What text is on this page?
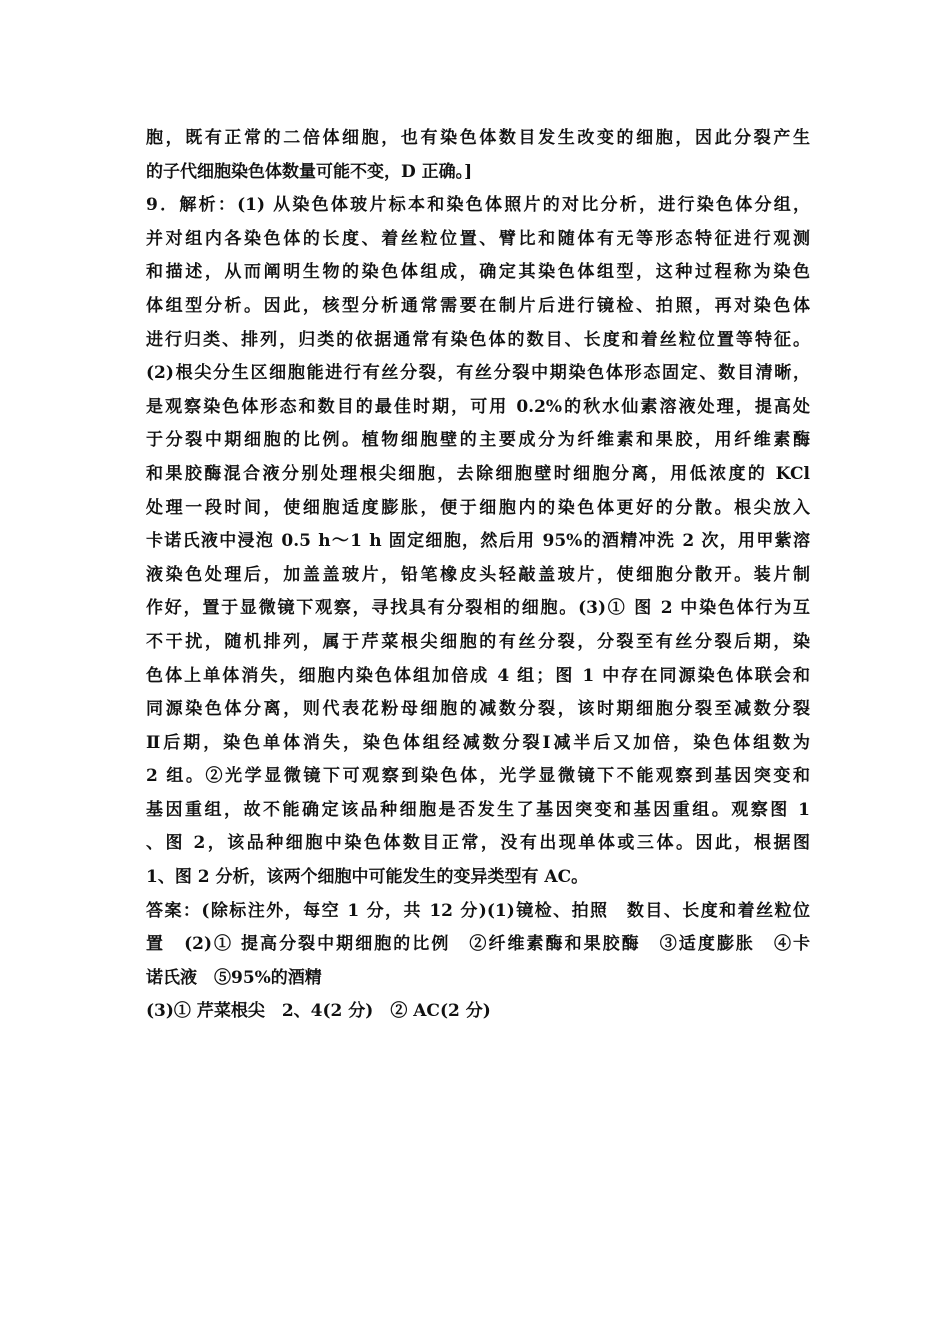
胞，既有正常的二倍体细胞，也有染色体数目发生改变的细胞，因此分裂产生
的子代细胞染色体数量可能不变，D 正确。]
9．解析：(1) 从染色体玻片标本和染色体照片的对比分析，进行染色体分组，
并对组内各染色体的长度、着丝粒位置、臂比和随体有无等形态特征进行观测
和描述，从而阐明生物的染色体组成，确定其染色体组型，这种过程称为染色
体组型分析。因此，核型分析通常需要在制片后进行镜检、拍照，再对染色体
进行归类、排列，归类的依据通常有染色体的数目、长度和着丝粒位置等特征。
(2)根尖分生区细胞能进行有丝分裂，有丝分裂中期染色体形态固定、数目清晰，
是观察染色体形态和数目的最佳时期，可用 0.2%的秋水仙素溶液处理，提高处
于分裂中期细胞的比例。植物细胞壁的主要成分为纤维素和果胶，用纤维素酶
和果胶酶混合液分别处理根尖细胞，去除细胞壁时细胞分离，用低浓度的 KCl
处理一段时间，使细胞适度膨胀，便于细胞内的染色体更好的分散。根尖放入
卡诺氏液中浸泡 0.5 h～1 h 固定细胞，然后用 95%的酒精冲洗 2 次，用甲紫溶
液染色处理后，加盖盖玻片，铅笔橡皮头轻敲盖玻片，使细胞分散开。装片制
作好，置于显微镜下观察，寻找具有分裂相的细胞。(3)① 图 2 中染色体行为互
不干扰，随机排列，属于芹菜根尖细胞的有丝分裂，分裂至有丝分裂后期，染
色体上单体消失，细胞内染色体组加倍成 4 组；图 1 中存在同源染色体联会和
同源染色体分离，则代表花粉母细胞的减数分裂，该时期细胞分裂至减数分裂
Ⅱ后期，染色单体消失，染色体组经减数分裂Ⅰ减半后又加倍，染色体组数为
2 组。②光学显微镜下可观察到染色体，光学显微镜下不能观察到基因突变和
基因重组，故不能确定该品种细胞是否发生了基因突变和基因重组。观察图 1
、图 2，该品种细胞中染色体数目正常，没有出现单体或三体。因此，根据图
1、图 2 分析，该两个细胞中可能发生的变异类型有 AC。
答案：(除标注外，每空 1 分，共 12 分)(1)镜检、拍照　数目、长度和着丝粒位
置　(2)① 提高分裂中期细胞的比例　②纤维素酶和果胶酶　③适度膨胀　④卡
诺氏液　⑤95%的酒精
(3)① 芹菜根尖　2、4(2 分)　② AC(2 分)
